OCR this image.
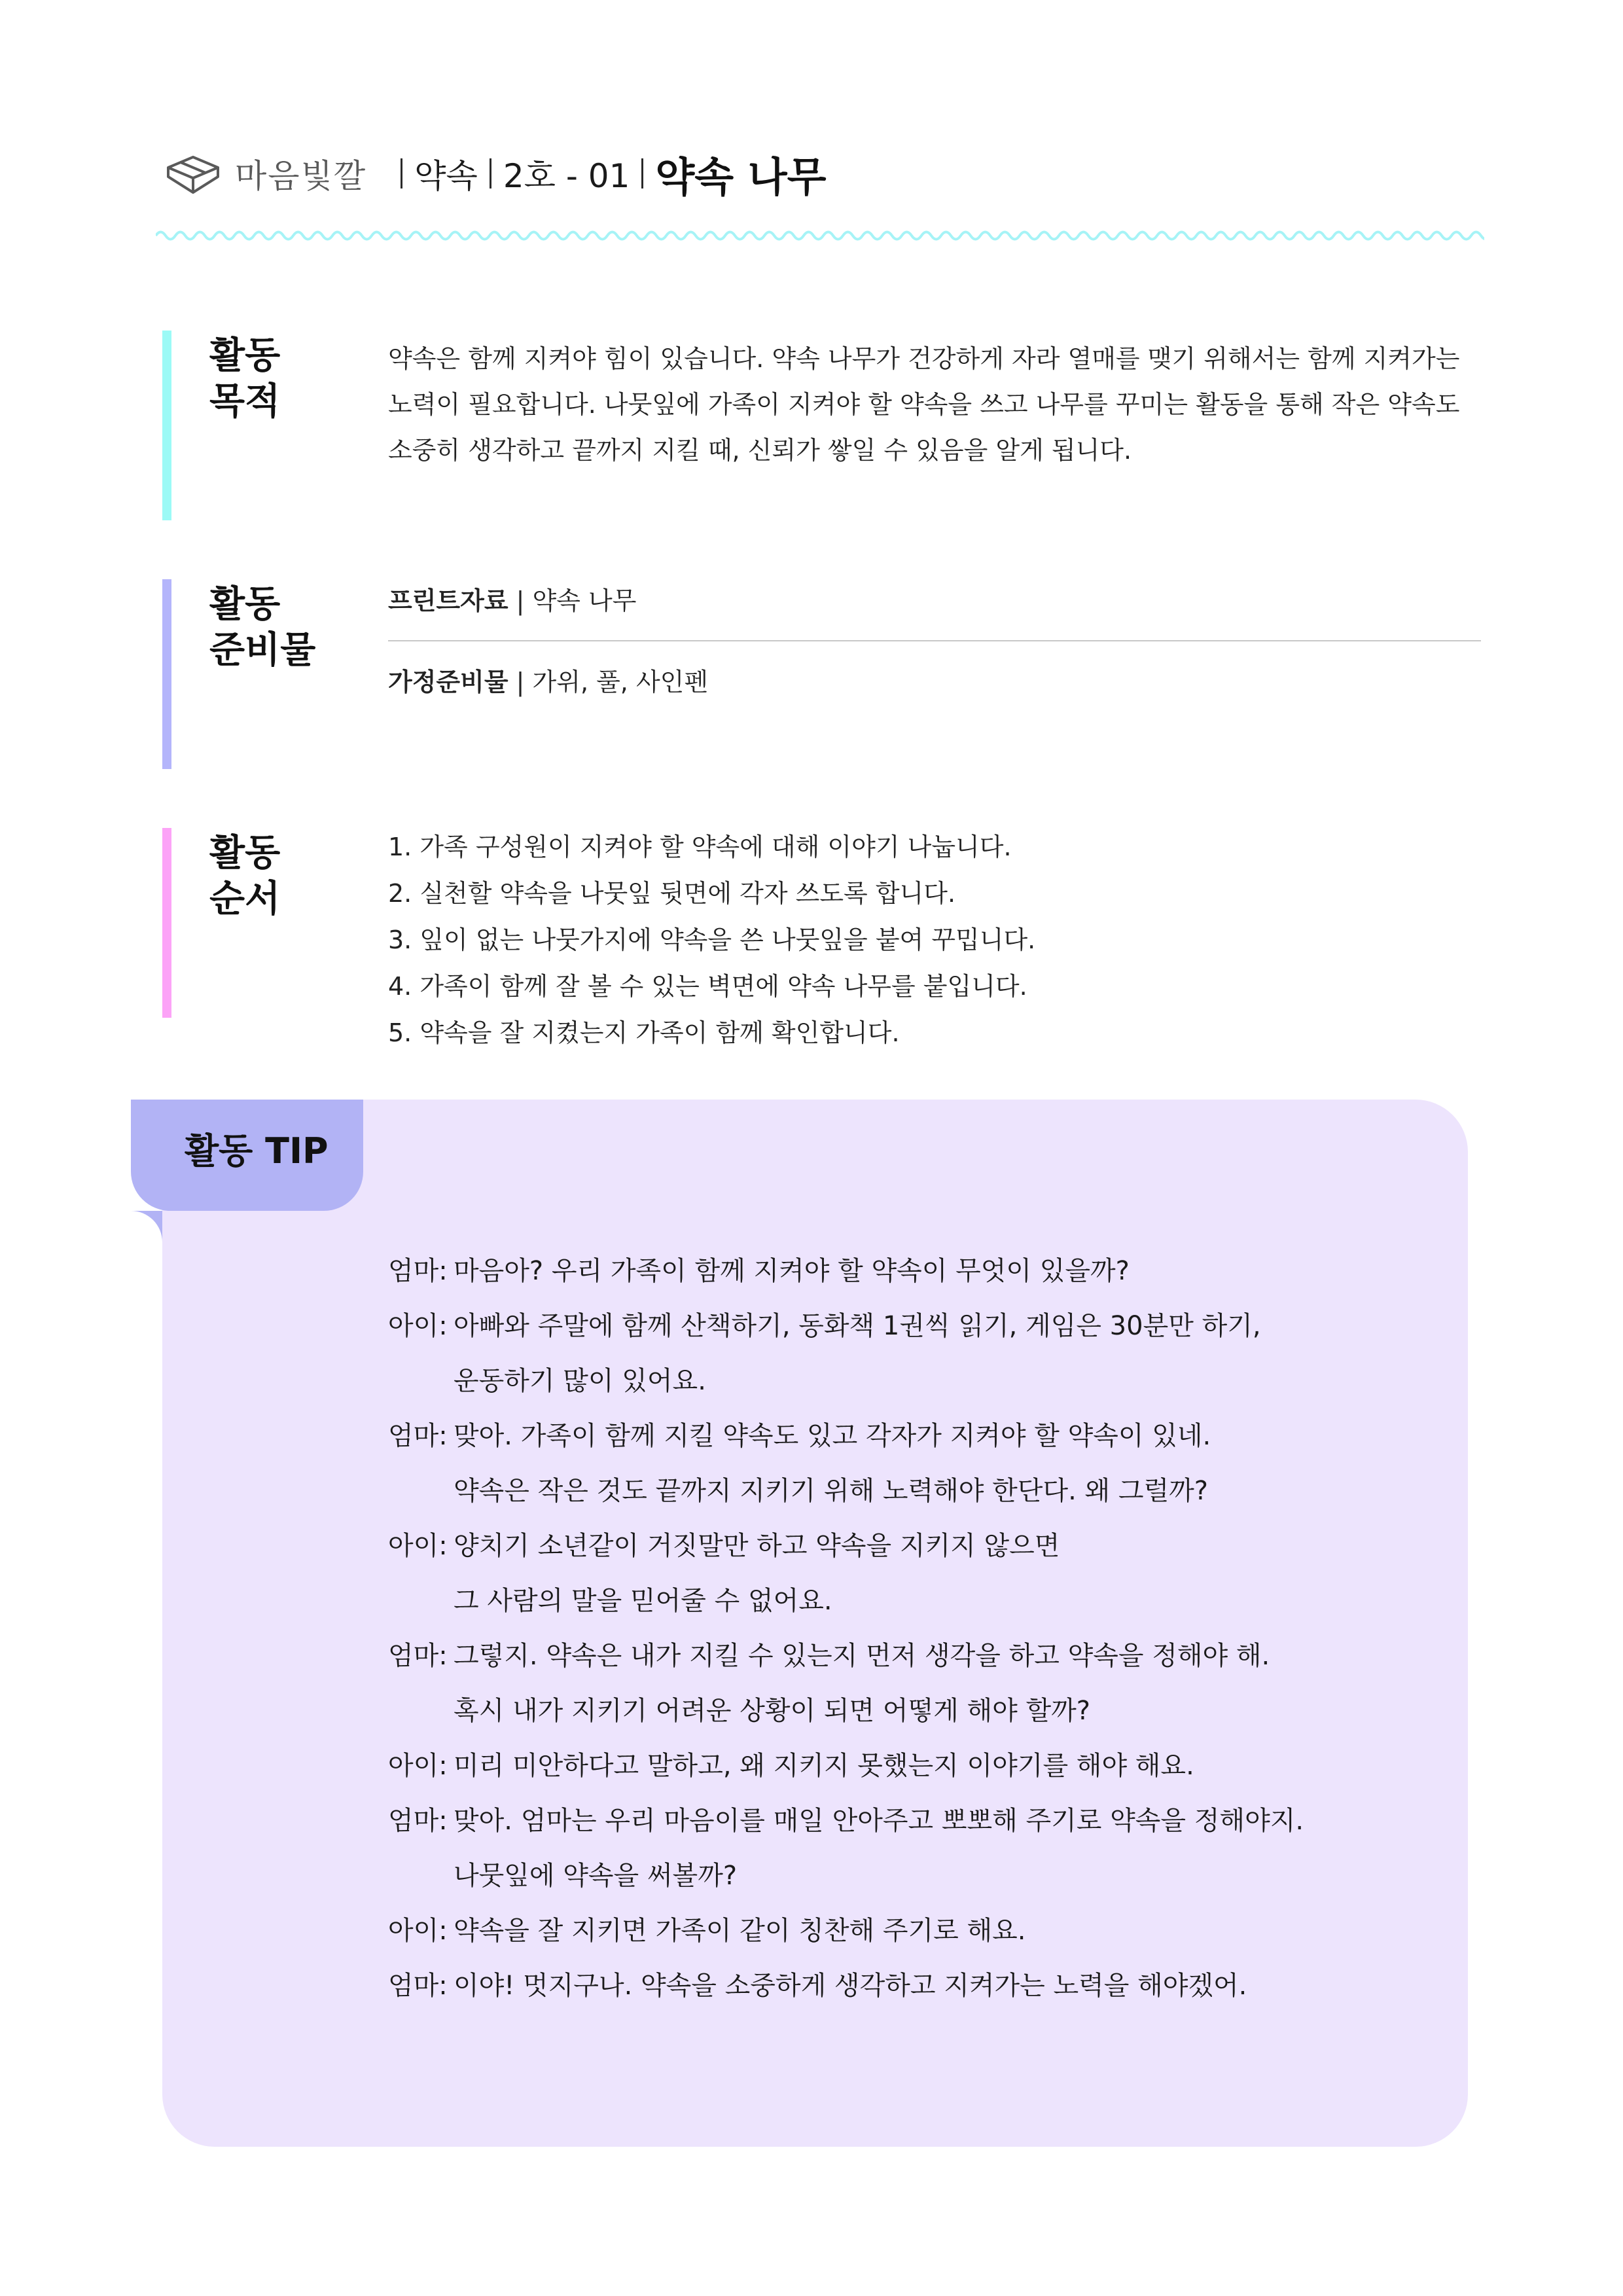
마음빛깔 약속 2호 - 01 약속 나무
활동
목적
약속은 함께 지켜야 힘이 있습니다. 약속 나무가 건강하게 자라 열매를 맺기 위해서는 함께 지켜가는
노력이 필요합니다. 나뭇잎에 가족이 지켜야 할 약속을 쓰고 나무를 꾸미는 활동을 통해 작은 약속도
소중히 생각하고 끝까지 지킬 때, 신뢰가 쌓일 수 있음을 알게 됩니다.
활동
준비물
프린트자료 | 약속 나무
가정준비물 | 가위, 풀, 사인펜
활동
순서
1. 가족 구성원이 지켜야 할 약속에 대해 이야기 나눕니다.
2. 실천할 약속을 나뭇잎 뒷면에 각자 쓰도록 합니다.
3. 잎이 없는 나뭇가지에 약속을 쓴 나뭇잎을 붙여 꾸밉니다.
4. 가족이 함께 잘 볼 수 있는 벽면에 약속 나무를 붙입니다.
5. 약속을 잘 지켰는지 가족이 함께 확인합니다.
활동 TIP
엄마: 마음아? 우리 가족이 함께 지켜야 할 약속이 무엇이 있을까?
아이: 아빠와 주말에 함께 산책하기, 동화책 1권씩 읽기, 게임은 30분만 하기,
운동하기 많이 있어요.
엄마: 맞아. 가족이 함께 지킬 약속도 있고 각자가 지켜야 할 약속이 있네.
약속은 작은 것도 끝까지 지키기 위해 노력해야 한단다. 왜 그럴까?
아이: 양치기 소년같이 거짓말만 하고 약속을 지키지 않으면
그 사람의 말을 믿어줄 수 없어요.
엄마: 그렇지. 약속은 내가 지킬 수 있는지 먼저 생각을 하고 약속을 정해야 해.
혹시 내가 지키기 어려운 상황이 되면 어떻게 해야 할까?
아이: 미리 미안하다고 말하고, 왜 지키지 못했는지 이야기를 해야 해요.
엄마: 맞아. 엄마는 우리 마음이를 매일 안아주고 뽀뽀해 주기로 약속을 정해야지.
나뭇잎에 약속을 써볼까?
아이: 약속을 잘 지키면 가족이 같이 칭찬해 주기로 해요.
엄마: 이야! 멋지구나. 약속을 소중하게 생각하고 지켜가는 노력을 해야겠어.
